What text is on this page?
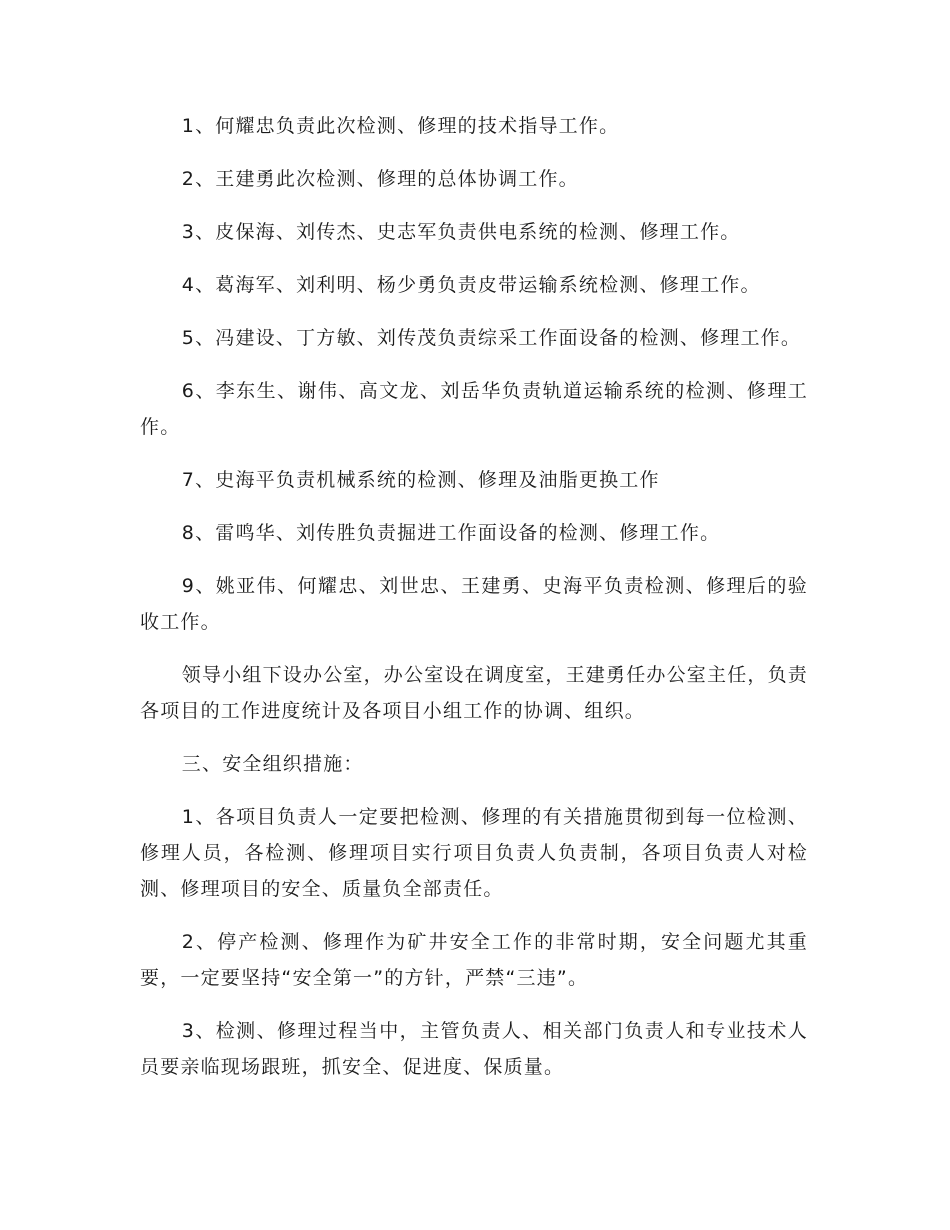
1、何耀忠负责此次检测、修理的技术指导工作。

2、王建勇此次检测、修理的总体协调工作。

3、皮保海、刘传杰、史志军负责供电系统的检测、修理工作。

4、葛海军、刘利明、杨少勇负责皮带运输系统检测、修理工作。

5、冯建设、丁方敏、刘传茂负责综采工作面设备的检测、修理工作。

6、李东生、谢伟、高文龙、刘岳华负责轨道运输系统的检测、修理工作。

7、史海平负责机械系统的检测、修理及油脂更换工作

8、雷鸣华、刘传胜负责掘进工作面设备的检测、修理工作。

9、姚亚伟、何耀忠、刘世忠、王建勇、史海平负责检测、修理后的验收工作。

领导小组下设办公室，办公室设在调度室，王建勇任办公室主任，负责各项目的工作进度统计及各项目小组工作的协调、组织。

三、安全组织措施：

1、各项目负责人一定要把检测、修理的有关措施贯彻到每一位检测、修理人员，各检测、修理项目实行项目负责人负责制，各项目负责人对检测、修理项目的安全、质量负全部责任。

2、停产检测、修理作为矿井安全工作的非常时期，安全问题尤其重要，一定要坚持“安全第一”的方针，严禁“三违”。

3、检测、修理过程当中，主管负责人、相关部门负责人和专业技术人员要亲临现场跟班，抓安全、促进度、保质量。
